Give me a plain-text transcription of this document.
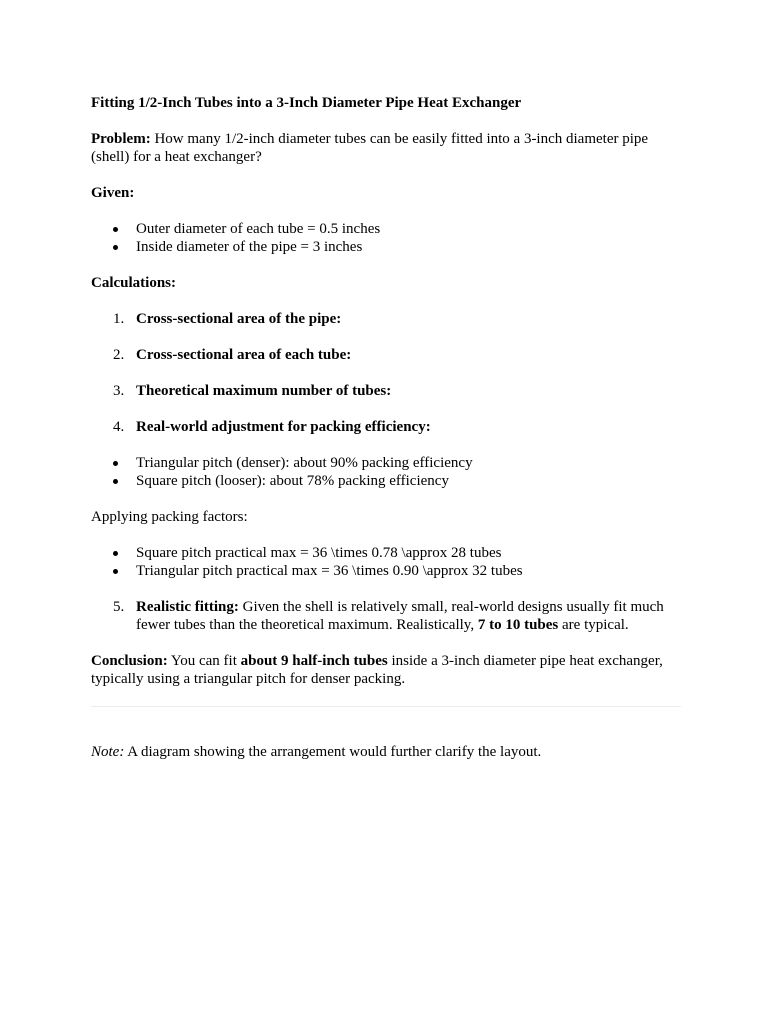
Fitting 1/2-Inch Tubes into a 3-Inch Diameter Pipe Heat Exchanger

Problem: How many 1/2-inch diameter tubes can be easily fitted into a 3-inch diameter pipe (shell) for a heat exchanger?

Given:

Outer diameter of each tube = 0.5 inches
Inside diameter of the pipe = 3 inches

Calculations:

1. Cross-sectional area of the pipe:
2. Cross-sectional area of each tube:
3. Theoretical maximum number of tubes:
4. Real-world adjustment for packing efficiency:
Triangular pitch (denser): about 90% packing efficiency
Square pitch (looser): about 78% packing efficiency

Applying packing factors:

Square pitch practical max = 36 \times 0.78 \approx 28 tubes
Triangular pitch practical max = 36 \times 0.90 \approx 32 tubes
5. Realistic fitting: Given the shell is relatively small, real-world designs usually fit much fewer tubes than the theoretical maximum. Realistically, 7 to 10 tubes are typical.

Conclusion: You can fit about 9 half-inch tubes inside a 3-inch diameter pipe heat exchanger, typically using a triangular pitch for denser packing.

Note: A diagram showing the arrangement would further clarify the layout.
